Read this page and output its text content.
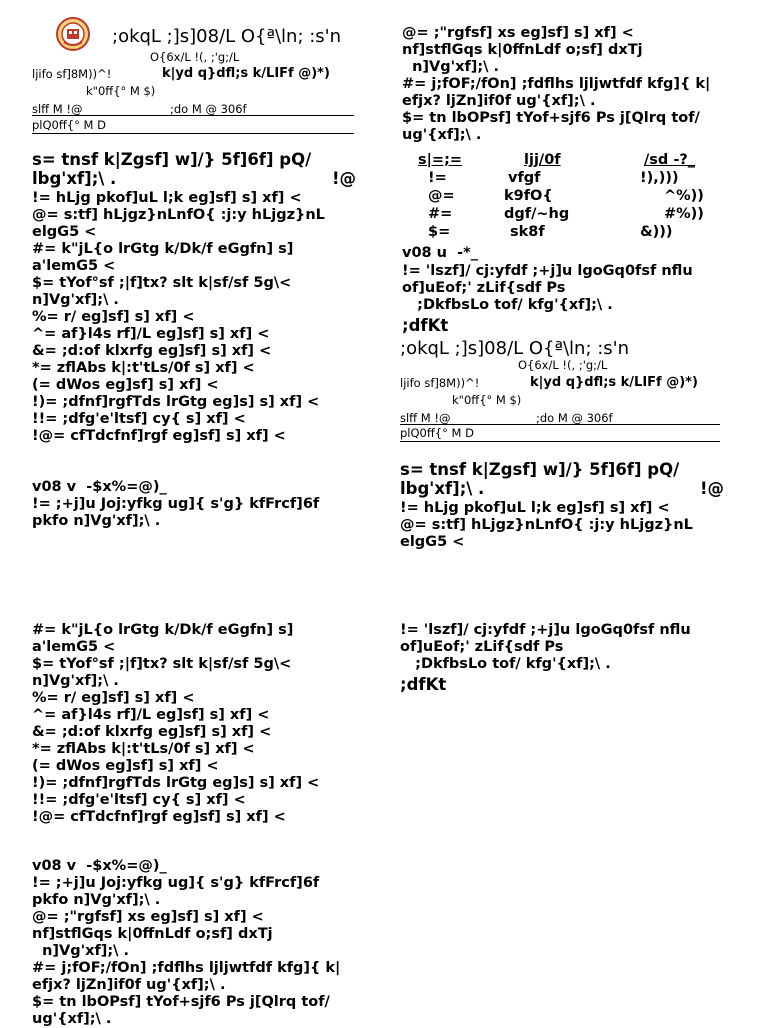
;okqL ;]s]08/L O{ª\ln; :s'n
O{6x/L !(, ;'g;/L
ljifo sf]8M))^!	k|yd q}dfl;s k/LIFf @)*)
k"0ff{° M $)
slff M !@	;do M @ 306f
plQ0ff{° M D
s= tnsf k|Zgsf] w]/} 5f]6f] pQ/
lbg'xf];\ .	!@
!= hLjg pkof]uL l;k eg]sf] s] xf] <
@= s:tf] hLjgz}nLnfO{ :j:y hLjgz}nL
elgG5 <
#= k"jL{o lrGtg k/Dk/f eGgfn] s]
a'lemG5 <
$= tYof°sf ;|f]tx? slt k|sf/sf 5g\<
n]Vg'xf];\ .
%= r/ eg]sf] s] xf] <
^= af}l4s rf]/L eg]sf] s] xf] <
&= ;d:of klxrfg eg]sf] s] xf] <
*= zflAbs k|:t'tLs/0f s] xf] <
(= dWos eg]sf] s] xf] <
!)= ;dfnf]rgfTds lrGtg eg]s] s] xf] <
!!= ;dfg'e'ltsf] cy{ s] xf] <
!@= cfTdcfnf]rgf eg]sf] s] xf] <
v08 v  -$x%=@)_
!= ;+j]u Joj:yfkg ug]{ s'g} kfFrcf]6f
pkfo n]Vg'xf];\ .
@= ;"rgfsf] xs eg]sf] s] xf] <
nf]stflGqs k|0ffnLdf o;sf] dxTj
n]Vg'xf];\ .
#= j;fOF;/fOn] ;fdflhs ljljwtfdf kfg]{ k|
efjx? ljZn]if0f ug'{xf];\ .
$= tn lbOPsf] tYof+sjf6 Ps j[Qlrq tof/
ug'{xf];\ .
s|=;=	ljj/0f	/sd -?_
!=	vfgf	!),)))
@=	k9fO{	^%))
#=	dgf/~hg	#%))
$=	sk8f	&)))
v08 u  -*_
!= 'lszf]/ cj:yfdf ;+j]u lgoGq0fsf nflu
of]uEof;' zLif{sdf Ps
;DkfbsLo tof/ kfg'{xf];\ .
;dfKt
;okqL ;]s]08/L O{ª\ln; :s'n
O{6x/L !(, ;'g;/L
ljifo sf]8M))^!	k|yd q}dfl;s k/LIFf @)*)
k"0ff{° M $)
slff M !@	;do M @ 306f
plQ0ff{° M D
s= tnsf k|Zgsf] w]/} 5f]6f] pQ/
lbg'xf];\ .	!@
!= hLjg pkof]uL l;k eg]sf] s] xf] <
@= s:tf] hLjgz}nLnfO{ :j:y hLjgz}nL
elgG5 <
#= k"jL{o lrGtg k/Dk/f eGgfn] s]
a'lemG5 <
$= tYof°sf ;|f]tx? slt k|sf/sf 5g\<
n]Vg'xf];\ .
%= r/ eg]sf] s] xf] <
^= af}l4s rf]/L eg]sf] s] xf] <
&= ;d:of klxrfg eg]sf] s] xf] <
*= zflAbs k|:t'tLs/0f s] xf] <
(= dWos eg]sf] s] xf] <
!)= ;dfnf]rgfTds lrGtg eg]s] s] xf] <
!!= ;dfg'e'ltsf] cy{ s] xf] <
!@= cfTdcfnf]rgf eg]sf] s] xf] <
v08 v  -$x%=@)_
!= ;+j]u Joj:yfkg ug]{ s'g} kfFrcf]6f
pkfo n]Vg'xf];\ .
@= ;"rgfsf] xs eg]sf] s] xf] <
nf]stflGqs k|0ffnLdf o;sf] dxTj
n]Vg'xf];\ .
#= j;fOF;/fOn] ;fdflhs ljljwtfdf kfg]{ k|
efjx? ljZn]if0f ug'{xf];\ .
$= tn lbOPsf] tYof+sjf6 Ps j[Qlrq tof/
ug'{xf];\ .
!= 'lszf]/ cj:yfdf ;+j]u lgoGq0fsf nflu
of]uEof;' zLif{sdf Ps
;DkfbsLo tof/ kfg'{xf];\ .
;dfKt
